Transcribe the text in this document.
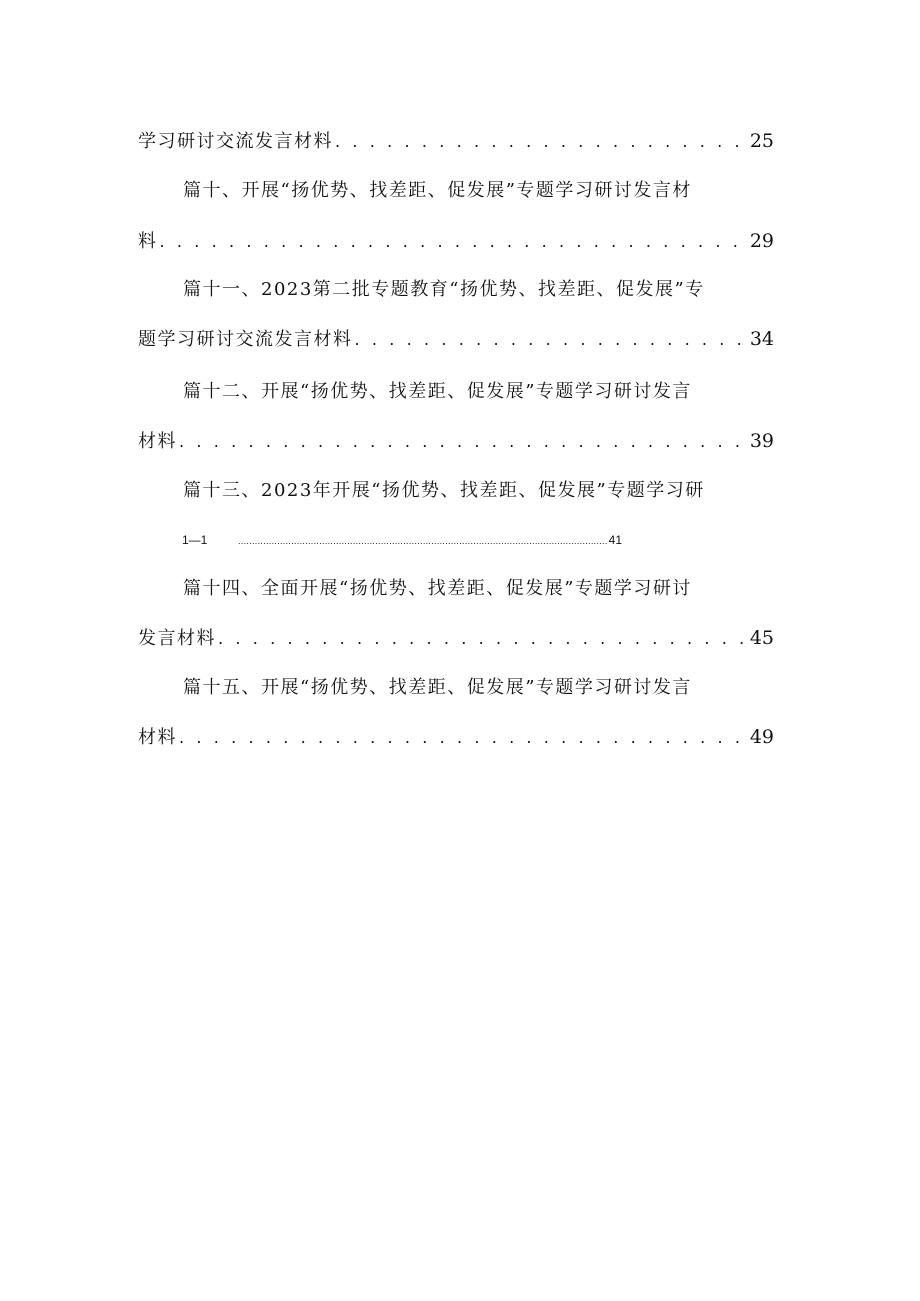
学习研讨交流发言材料 . . .	25
篇十、开展“扬优势、找差距、促发展”专题学习研讨发言材
料 . . .	29
篇十一、2023第二批专题教育“扬优势、找差距、促发展”专
题学习研讨交流发言材料 . . .	34
篇十二、开展“扬优势、找差距、促发展”专题学习研讨发言
材料 . . .	39
篇十三、2023年开展“扬优势、找差距、促发展”专题学习研
1—1 .....	41
篇十四、全面开展“扬优势、找差距、促发展”专题学习研讨
发言材料 . . .	45
篇十五、开展“扬优势、找差距、促发展”专题学习研讨发言
材料 . . .	49
